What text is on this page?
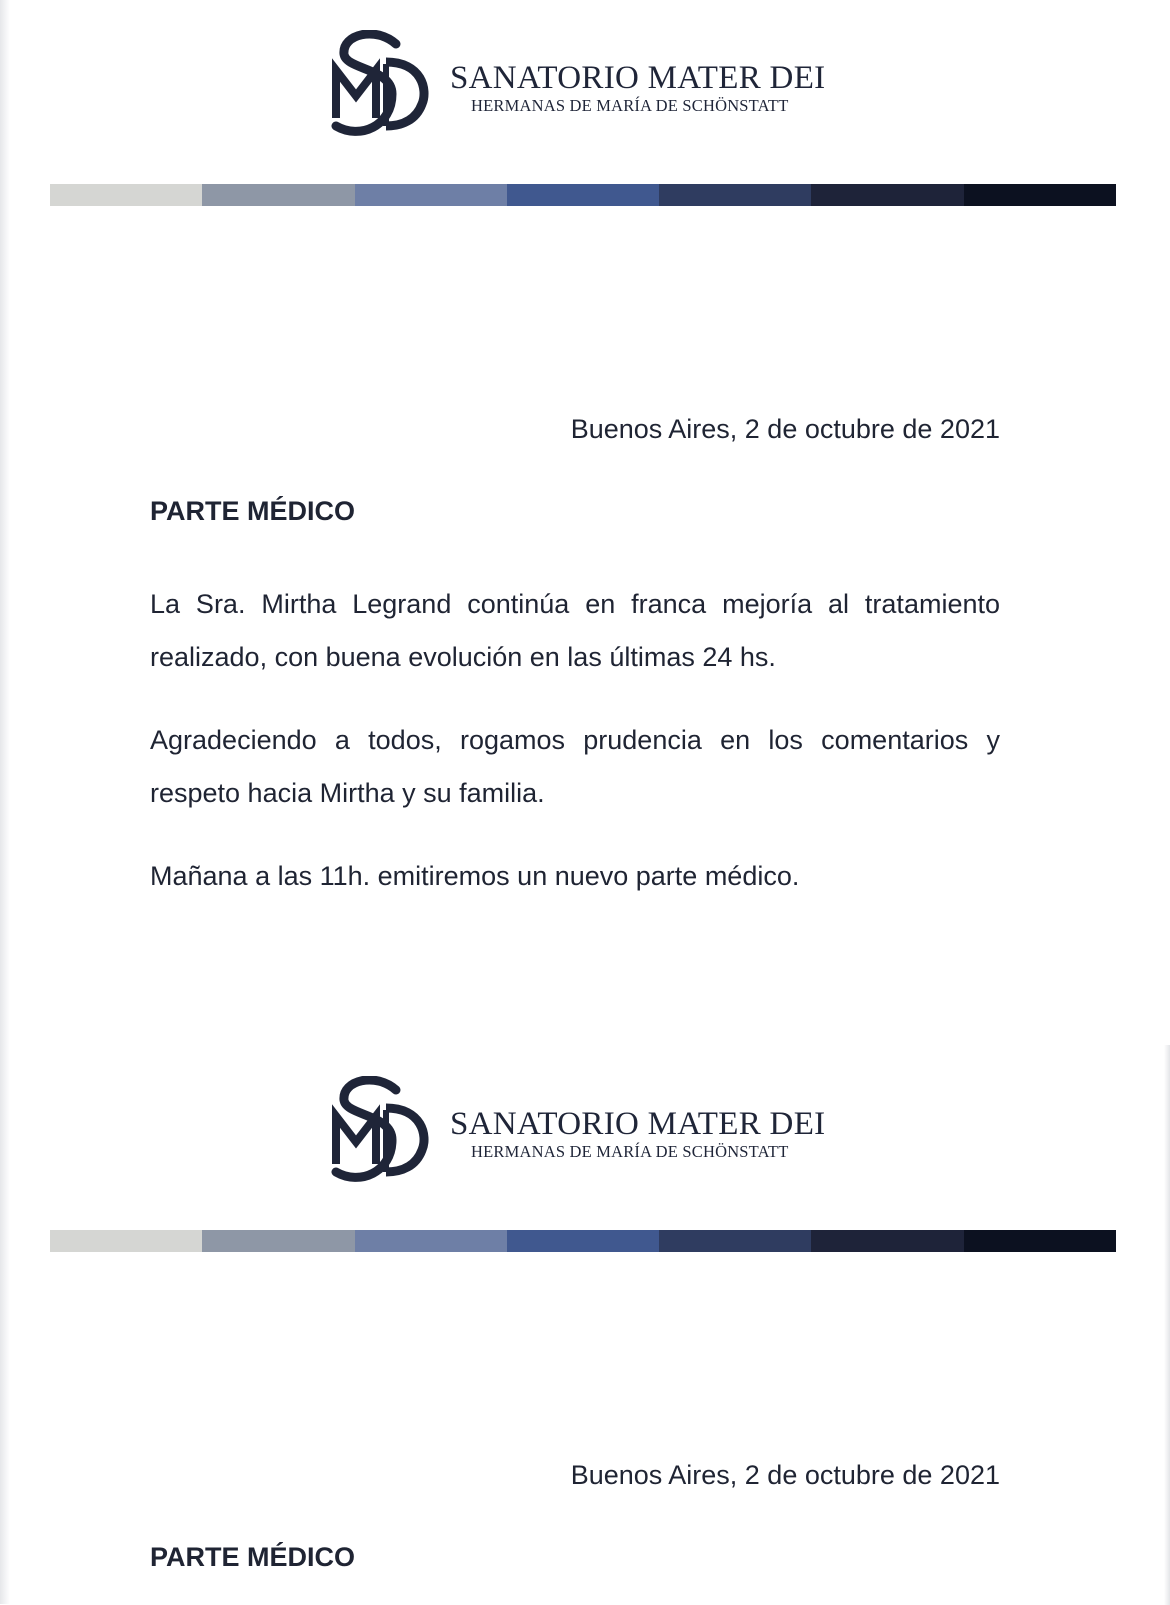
SANATORIO MATER DEI
HERMANAS DE MARÍA DE SCHÖNSTATT
Buenos Aires, 2 de octubre de 2021
PARTE MÉDICO

La Sra. Mirtha Legrand continúa en franca mejoría al tratamiento realizado, con buena evolución en las últimas 24 hs.

Agradeciendo a todos, rogamos prudencia en los comentarios y respeto hacia Mirtha y su familia.

Mañana a las 11h. emitiremos un nuevo parte médico.

SANATORIO MATER DEI
HERMANAS DE MARÍA DE SCHÖNSTATT
Buenos Aires, 2 de octubre de 2021
PARTE MÉDICO
